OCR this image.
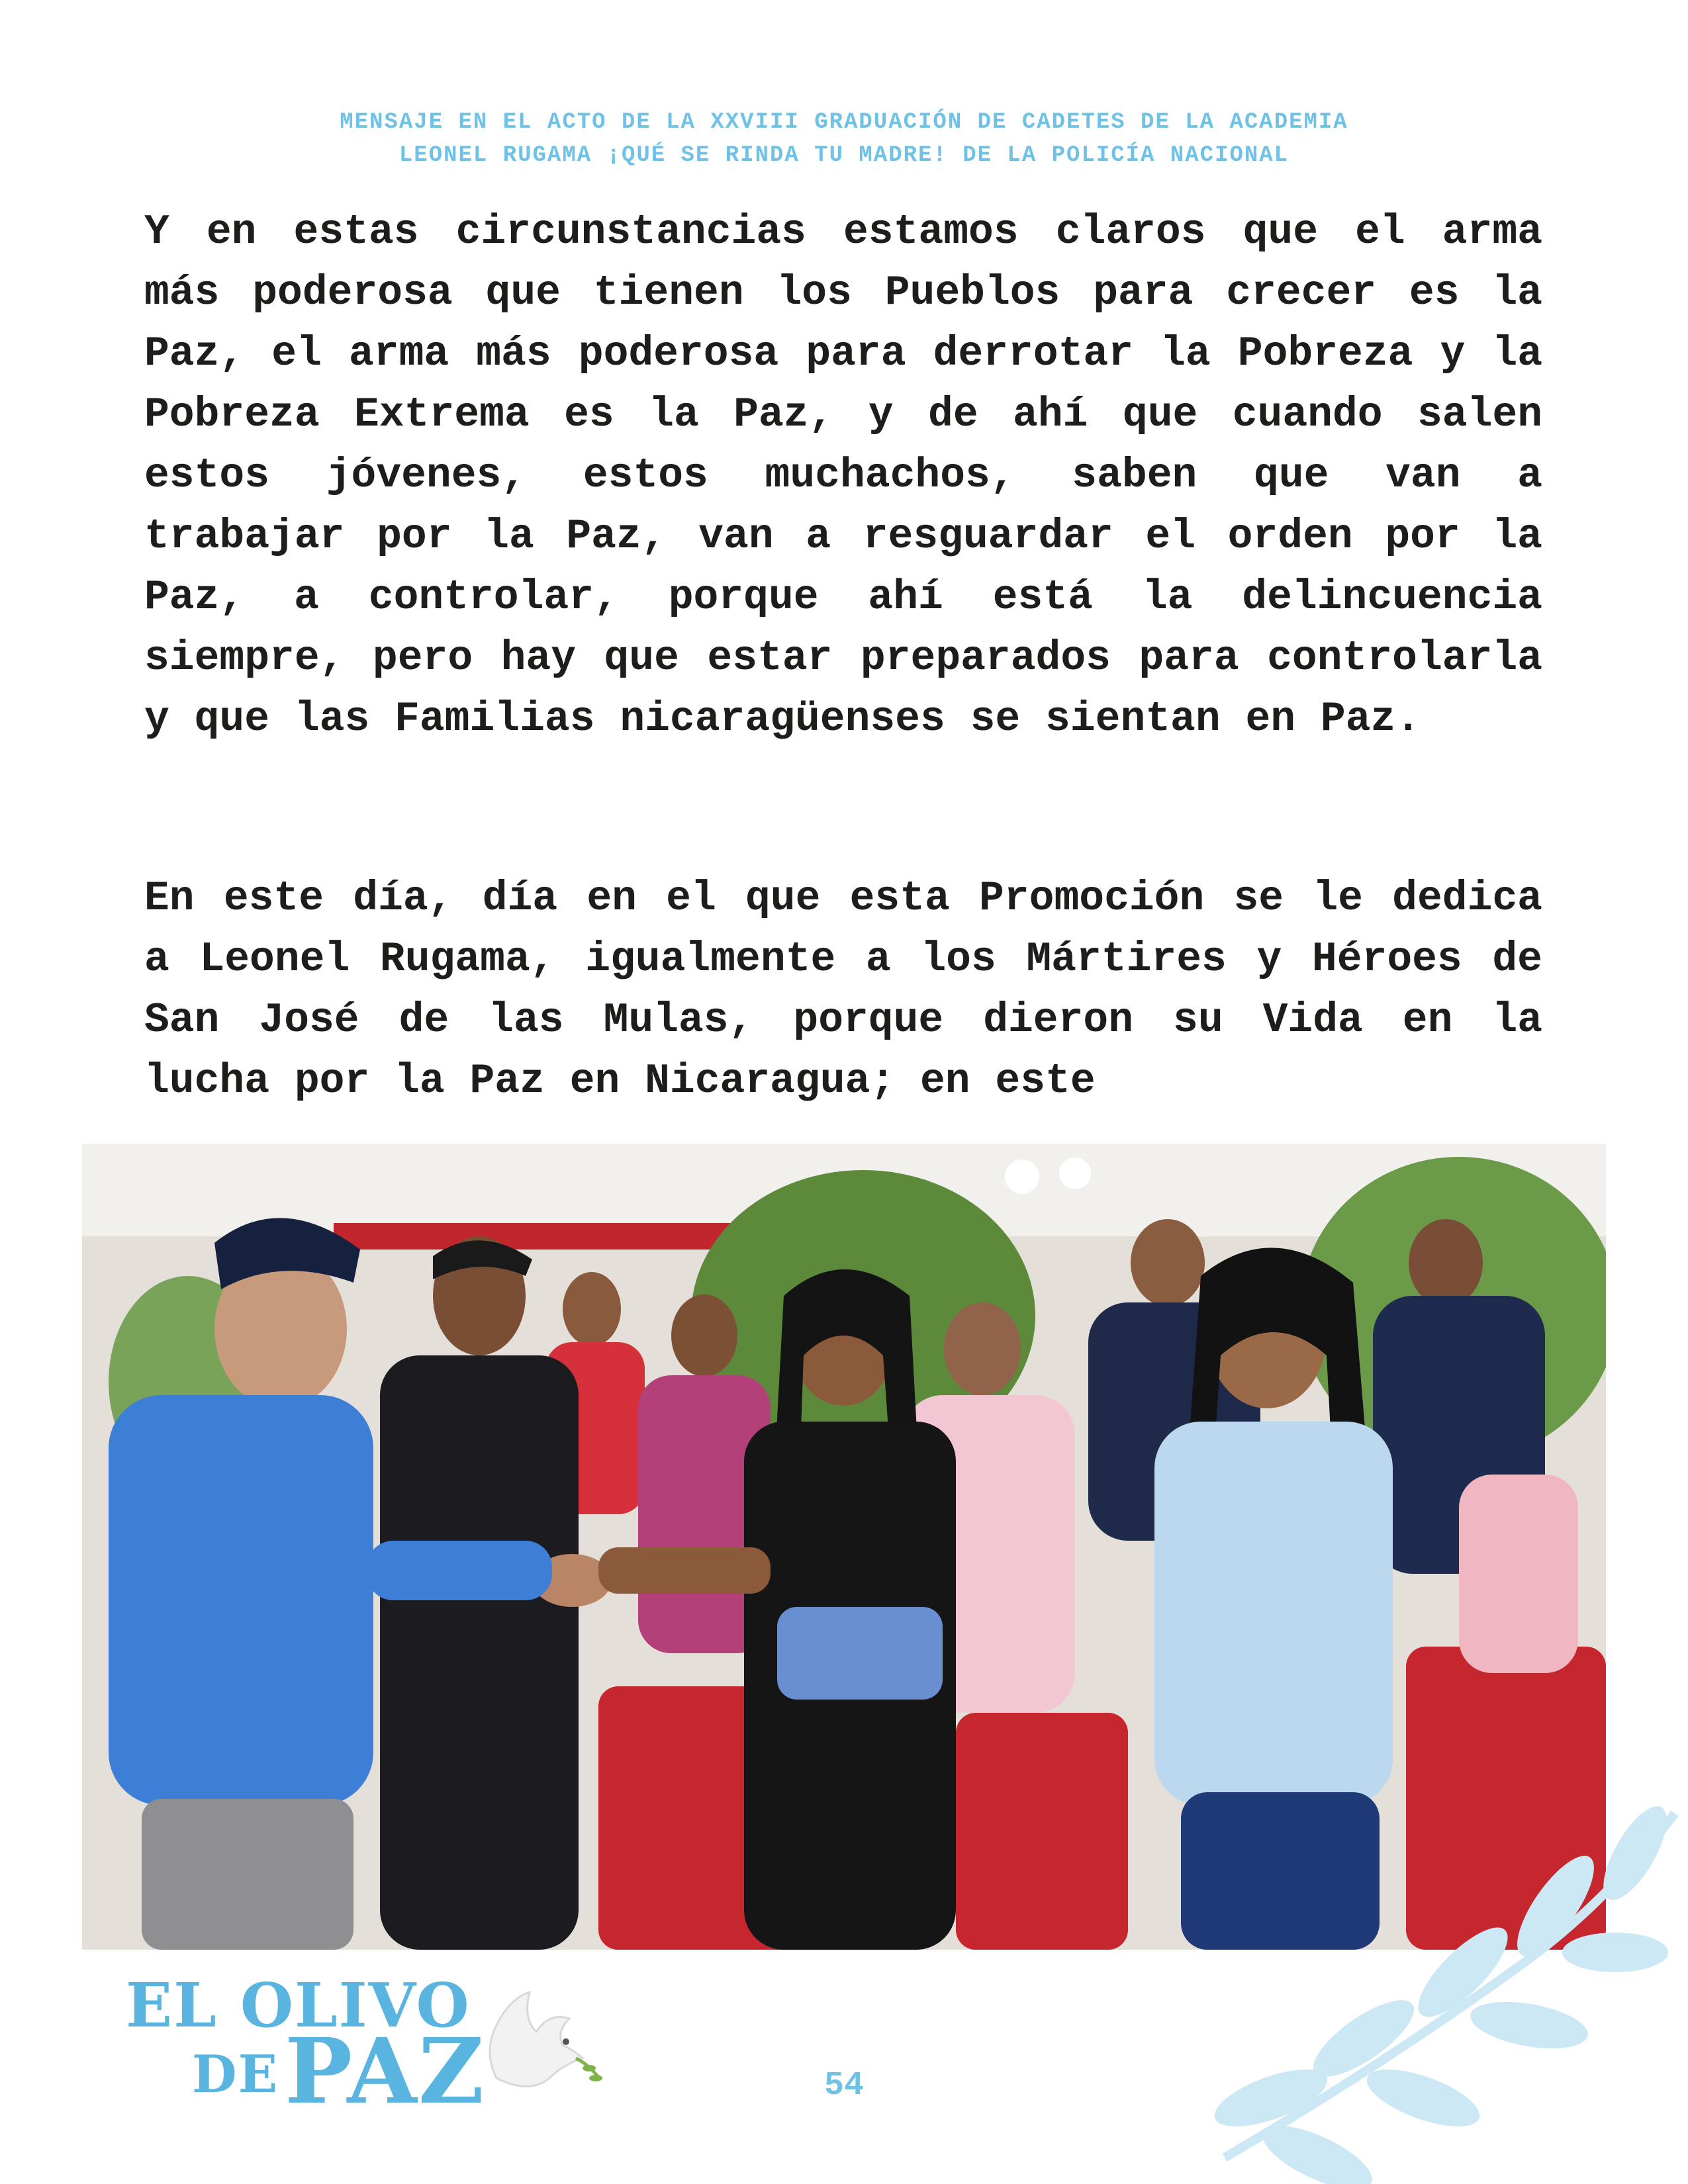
MENSAJE EN EL ACTO DE LA XXVIII GRADUACIÓN DE CADETES DE LA ACADEMIA
LEONEL RUGAMA ¡QUÉ SE RINDA TU MADRE! DE LA POLICÍA NACIONAL

Y en estas circunstancias estamos claros que el arma más poderosa que tienen los Pueblos para crecer es la Paz, el arma más poderosa para derrotar la Pobreza y la Pobreza Extrema es la Paz, y de ahí que cuando salen estos jóvenes, estos muchachos, saben que van a trabajar por la Paz, van a resguardar el orden por la Paz, a controlar, porque ahí está la delincuencia siempre, pero hay que estar preparados para controlarla y que las Familias nicaragüenses se sientan en Paz.

En este día, día en el que esta Promoción se le dedica a Leonel Rugama, igualmente a los Mártires y Héroes de San José de las Mulas, porque dieron su Vida en la lucha por la Paz en Nicaragua; en este

EL OLIVO
DE PAZ	54
